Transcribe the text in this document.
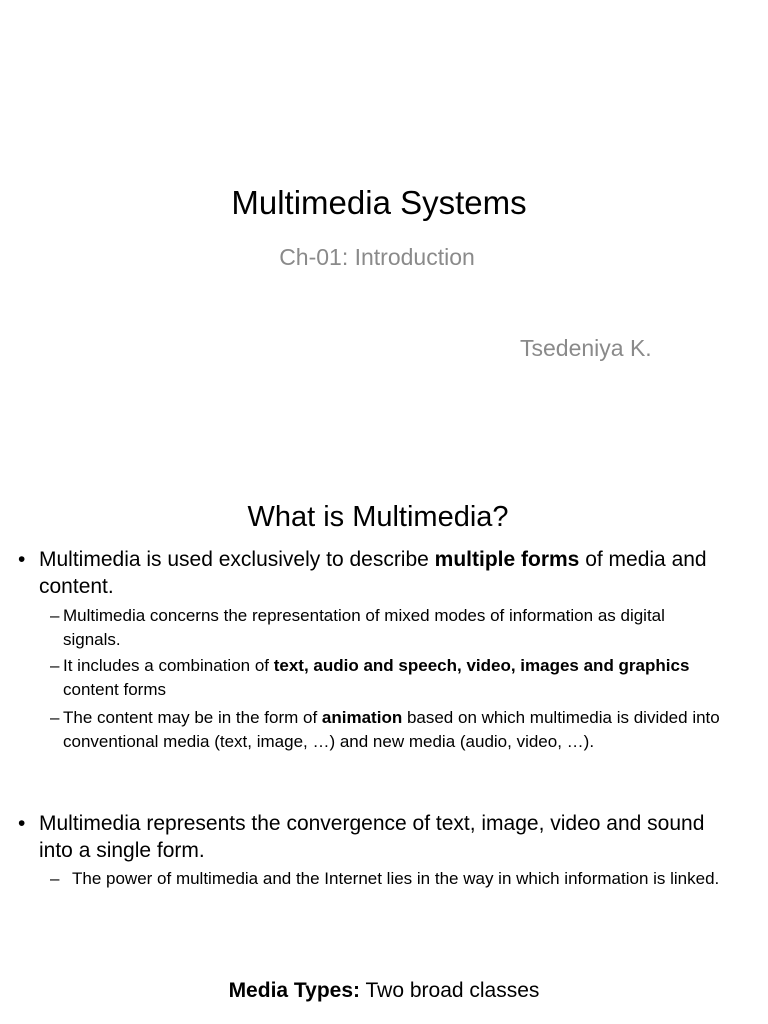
Multimedia Systems
Ch-01: Introduction
Tsedeniya K.
What is Multimedia?
• Multimedia is used exclusively to describe multiple forms of media and content.
– Multimedia concerns the representation of mixed modes of information as digital signals.
– It includes a combination of text, audio and speech, video, images and graphics content forms
– The content may be in the form of animation based on which multimedia is divided into conventional media (text, image, …) and new media (audio, video, …).
• Multimedia represents the convergence of text, image, video and sound into a single form.
– The power of multimedia and the Internet lies in the way in which information is linked.
Media Types: Two broad classes
